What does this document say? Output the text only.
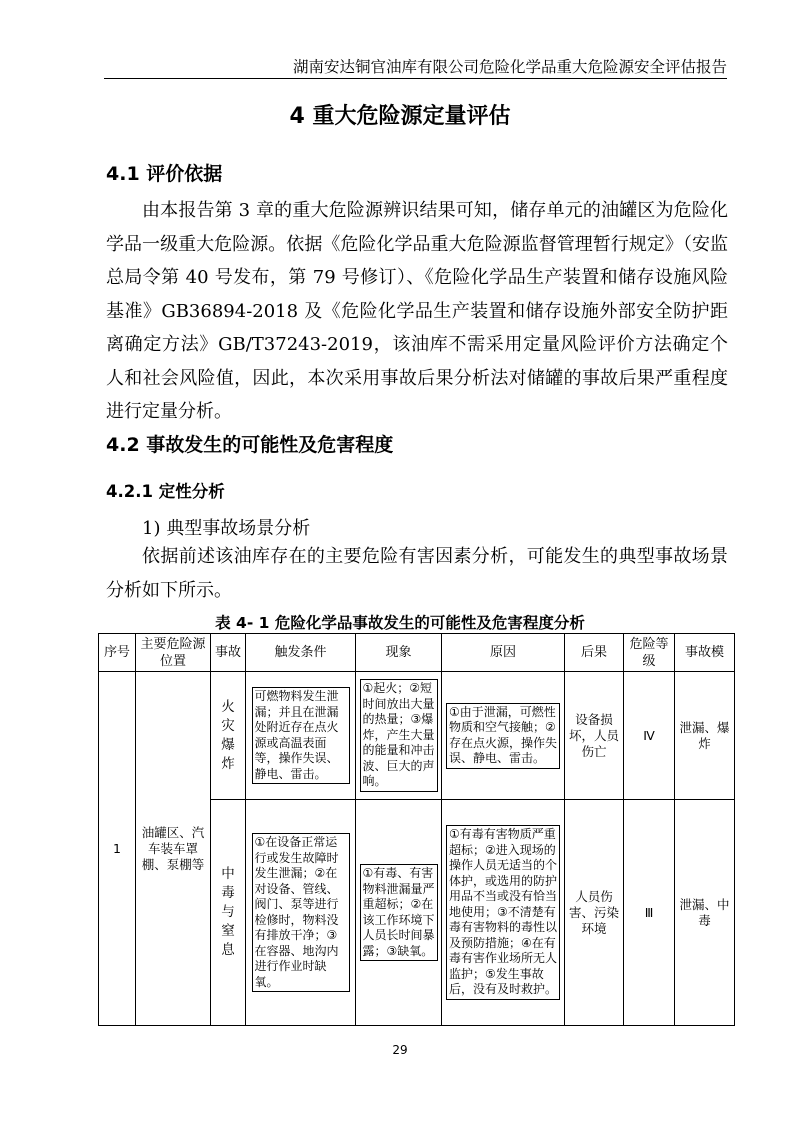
湖南安达铜官油库有限公司危险化学品重大危险源安全评估报告
4 重大危险源定量评估
4.1 评价依据

由本报告第 3 章的重大危险源辨识结果可知，储存单元的油罐区为危险化学品一级重大危险源。依据《危险化学品重大危险源监督管理暂行规定》（安监总局令第 40 号发布，第 79 号修订）、《危险化学品生产装置和储存设施风险基准》GB36894-2018 及《危险化学品生产装置和储存设施外部安全防护距离确定方法》GB/T37243-2019，该油库不需采用定量风险评价方法确定个人和社会风险值，因此，本次采用事故后果分析法对储罐的事故后果严重程度进行定量分析。

4.2 事故发生的可能性及危害程度
4.2.1 定性分析
1) 典型事故场景分析

依据前述该油库存在的主要危险有害因素分析，可能发生的典型事故场景分析如下所示。

表 4- 1 危险化学品事故发生的可能性及危害程度分析
序号	主要危险源位置	事故	触发条件	现象	原因	后果	危险等级	事故模
1	油罐区、汽车装车罩棚、泵棚等	火灾爆炸	可燃物料发生泄漏；并且在泄漏处附近存在点火源或高温表面等，操作失误、静电、雷击。	①起火；②短时间放出大量的热量；③爆炸，产生大量的能量和冲击波、巨大的声响。	①由于泄漏，可燃性物质和空气接触；②存在点火源，操作失误、静电、雷击。	设备损坏，人员伤亡	Ⅳ	泄漏、爆炸

		中毒与窒息	①在设备正常运行或发生故障时发生泄漏；②在对设备、管线、阀门、泵等进行检修时，物料没有排放干净；③在容器、地沟内进行作业时缺氧。	①有毒、有害物料泄漏量严重超标；②在该工作环境下人员长时间暴露；③缺氧。	①有毒有害物质严重超标；②进入现场的操作人员无适当的个体护，或选用的防护用品不当或没有恰当地使用；③不清楚有毒有害物料的毒性以及预防措施；④在有毒有害作业场所无人监护；⑤发生事故后，没有及时救护。	人员伤害、污染环境	Ⅲ	泄漏、中毒
29
